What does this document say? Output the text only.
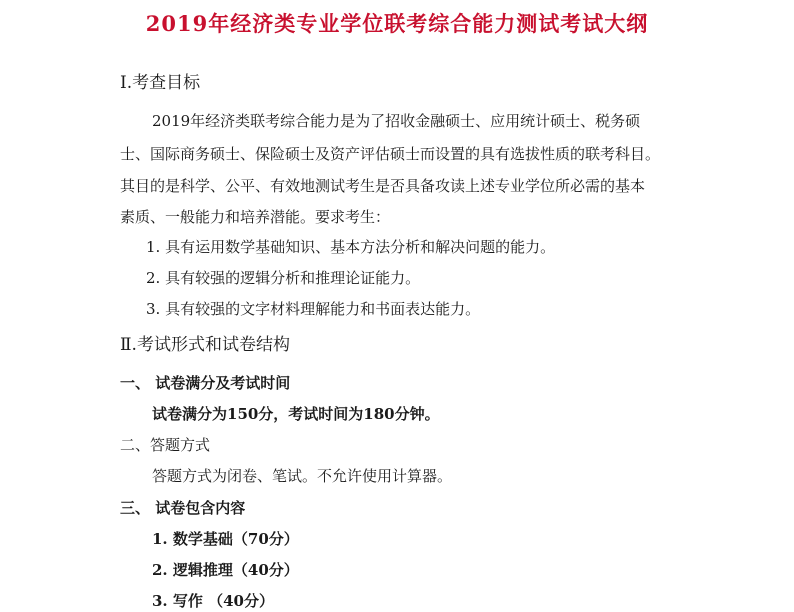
2019年经济类专业学位联考综合能力测试考试大纲
Ⅰ.考查目标
2019年经济类联考综合能力是为了招收金融硕士、应用统计硕士、税务硕
士、国际商务硕士、保险硕士及资产评估硕士而设置的具有选拔性质的联考科目。
其目的是科学、公平、有效地测试考生是否具备攻读上述专业学位所必需的基本
素质、一般能力和培养潜能。要求考生：
1. 具有运用数学基础知识、基本方法分析和解决问题的能力。
2. 具有较强的逻辑分析和推理论证能力。
3. 具有较强的文字材料理解能力和书面表达能力。
Ⅱ.考试形式和试卷结构
一、 试卷满分及考试时间
试卷满分为150分，考试时间为180分钟。
二、答题方式
答题方式为闭卷、笔试。不允许使用计算器。
三、 试卷包含内容
1. 数学基础（70分）
2. 逻辑推理（40分）
3. 写作 （40分）
